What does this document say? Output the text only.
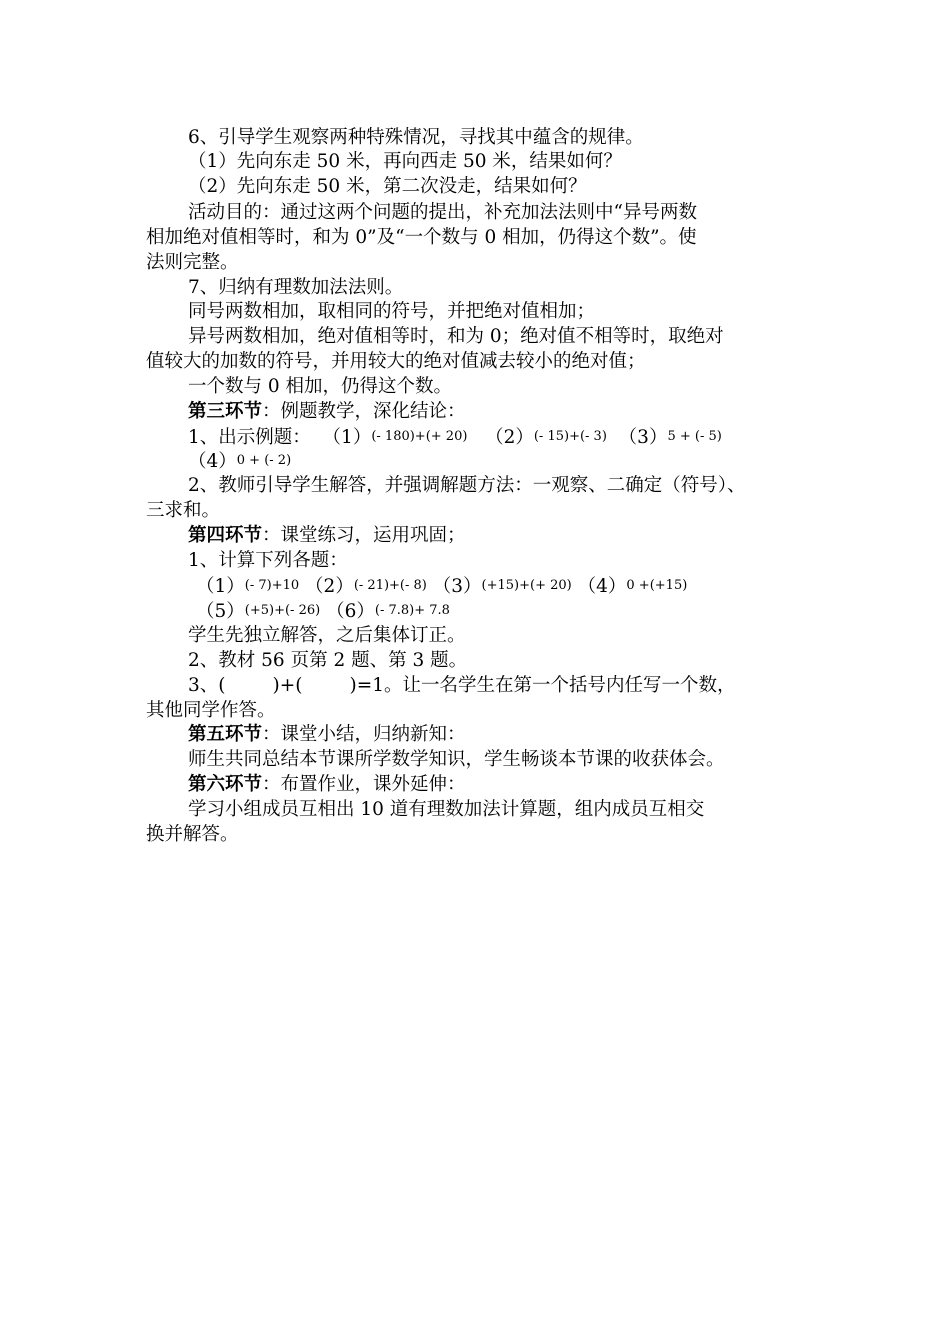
6、引导学生观察两种特殊情况，寻找其中蕴含的规律。
（1）先向东走 50 米，再向西走 50 米，结果如何？
（2）先向东走 50 米，第二次没走，结果如何？
活动目的：通过这两个问题的提出，补充加法法则中“异号两数
相加绝对值相等时，和为 0”及“一个数与 0 相加，仍得这个数”。使
法则完整。
7、归纳有理数加法法则。
同号两数相加，取相同的符号，并把绝对值相加；
异号两数相加，绝对值相等时，和为 0；绝对值不相等时，取绝对
值较大的加数的符号，并用较大的绝对值减去较小的绝对值；
一个数与 0 相加，仍得这个数。
第三环节：例题教学，深化结论：
1、出示例题： （1）(- 180)+(+ 20) （2）(- 15)+(- 3) （3）5 + (- 5)
（4）0 + (- 2)
2、教师引导学生解答，并强调解题方法：一观察、二确定（符号）、
三求和。
第四环节：课堂练习，运用巩固；
1、计算下列各题：
（1）(- 7)+10 （2）(- 21)+(- 8) （3）(+15)+(+ 20) （4）0 +(+15)
（5）(+5)+(- 26) （6）(- 7.8)+ 7.8
学生先独立解答，之后集体订正。
2、教材 56 页第 2 题、第 3 题。
3、(        )+(        )=1。让一名学生在第一个括号内任写一个数，
其他同学作答。
第五环节：课堂小结，归纳新知：
师生共同总结本节课所学数学知识，学生畅谈本节课的收获体会。
第六环节：布置作业，课外延伸：
学习小组成员互相出 10 道有理数加法计算题，组内成员互相交
换并解答。
